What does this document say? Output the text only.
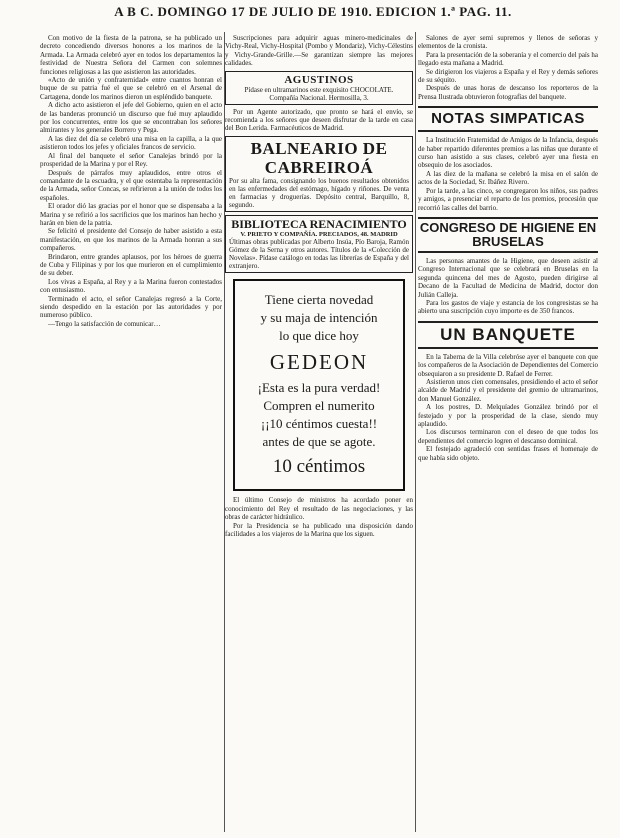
A B C. DOMINGO 17 DE JULIO DE 1910. EDICION 1.ª PAG. 11.

Con motivo de la fiesta de la patrona, se ha publicado un decreto concediendo diversos honores a los marinos de la Armada. La Armada celebró ayer en todos los departamentos la festividad de Nuestra Señora del Carmen con solemnes funciones religiosas a las que asistieron las autoridades.

«Acto de unión y confraternidad» entre cuantos honran el buque de su patria fué el que se celebró en el Arsenal de Cartagena, donde los marinos dieron un espléndido banquete.

A dicho acto asistieron el jefe del Gobierno, quien en el acto de las banderas pronunció un discurso que fué muy aplaudido por los concurrentes, entre los que se encontraban los señores almirantes y los generales Borrero y Pega.

A las diez del día se celebró una misa en la capilla, a la que asistieron todos los jefes y oficiales francos de servicio.

Al final del banquete el señor Canalejas brindó por la prosperidad de la Marina y por el Rey.

Después de párrafos muy aplaudidos, entre otros el comandante de la escuadra, y el que ostentaba la representación de la Armada, señor Concas, se refirieron a la unión de todos los españoles.

El orador dió las gracias por el honor que se dispensaba a la Marina y se refirió a los sacrificios que los marinos han hecho y harán en bien de la patria.

Se felicitó el presidente del Consejo de haber asistido a esta manifestación, en que los marinos de la Armada honran a sus compañeros.

Brindaron, entre grandes aplausos, por los héroes de guerra de Cuba y Filipinas y por los que murieron en el cumplimiento de su deber.

Los vivas a España, al Rey y a la Marina fueron contestados con entusiasmo.

Terminado el acto, el señor Canalejas regresó a la Corte, siendo despedido en la estación por las autoridades y por numeroso público.

—Tengo la satisfacción de comunicar…

Suscripciones para adquirir aguas minero-medicinales de Vichy-Real, Vichy-Hospital (Pombo y Mondariz), Vichy-Célestins y Vichy-Grande-Grille.—Se garantizan siempre las mejores calidades.

AGUSTINOS
Pídase en ultramarinos este exquisito CHOCOLATE.
Compañía Nacional. Hermosilla, 3.

Por un Agente autorizado, que pronto se hará el envío, se recomienda a los señores que deseen disfrutar de la tarde en casa del Bon Lerida. Farmacéuticos de Madrid.

BALNEARIO DE CABREIROÁ
Por su alta fama, consignando los buenos resultados obtenidos en las enfermedades del estómago, hígado y riñones. De venta en farmacias y droguerías. Depósito central, Barquillo, 8, segundo.
BIBLIOTECA RENACIMIENTO
V. PRIETO Y COMPAÑÍA. PRECIADOS, 48. MADRID
Últimas obras publicadas por Alberto Insúa, Pío Baroja, Ramón Gómez de la Serna y otros autores. Títulos de la «Colección de Novelas». Pídase catálogo en todas las librerías de España y del extranjero.
Tiene cierta novedad
y su maja de intención
lo que dice hoy
GEDEON
¡Esta es la pura verdad!
Compren el numerito
¡¡10 céntimos cuesta!!
antes de que se agote.
10 céntimos

El último Consejo de ministros ha acordado poner en conocimiento del Rey el resultado de las negociaciones, y las obras de carácter hidráulico.

Por la Presidencia se ha publicado una disposición dando facilidades a los viajeros de la Marina que los siguen.

Salones de ayer semi supremos y llenos de señoras y elementos de la cronista.

Para la presentación de la soberanía y el comercio del país ha llegado esta mañana a Madrid.

Se dirigieron los viajeros a España y el Rey y demás señores de su séquito.

Después de unas horas de descanso los reporteros de la Prensa Ilustrada obtuvieron fotografías del banquete.

NOTAS SIMPATICAS

La Institución Fraternidad de Amigos de la Infancia, después de haber repartido diferentes premios a las niñas que durante el curso han asistido a sus clases, celebró ayer una fiesta en obsequio de los asociados.

A las diez de la mañana se celebró la misa en el salón de actos de la Sociedad, Sr. Ibáñez Rivero.

Por la tarde, a las cinco, se congregaron los niños, sus padres y amigos, a presenciar el reparto de los premios, procesión que recorrió las calles del barrio.

CONGRESO DE HIGIENE EN BRUSELAS

Las personas amantes de la Higiene, que deseen asistir al Congreso Internacional que se celebrará en Bruselas en la segunda quincena del mes de Agosto, pueden dirigirse al Decano de la Facultad de Medicina de Madrid, doctor don Julián Calleja.

Para los gastos de viaje y estancia de los congresistas se ha abierto una suscripción cuyo importe es de 350 francos.

UN BANQUETE

En la Taberna de la Villa celebróse ayer el banquete con que los compañeros de la Asociación de Dependientes del Comercio obsequiaron a su presidente D. Rafael de Ferrer.

Asistieron unos cien comensales, presidiendo el acto el señor alcalde de Madrid y el presidente del gremio de ultramarinos, don Manuel González.

A los postres, D. Melquíades González brindó por el festejado y por la prosperidad de la clase, siendo muy aplaudido.

Los discursos terminaron con el deseo de que todos los dependientes del comercio logren el descanso dominical.

El festejado agradeció con sentidas frases el homenaje de que había sido objeto.
